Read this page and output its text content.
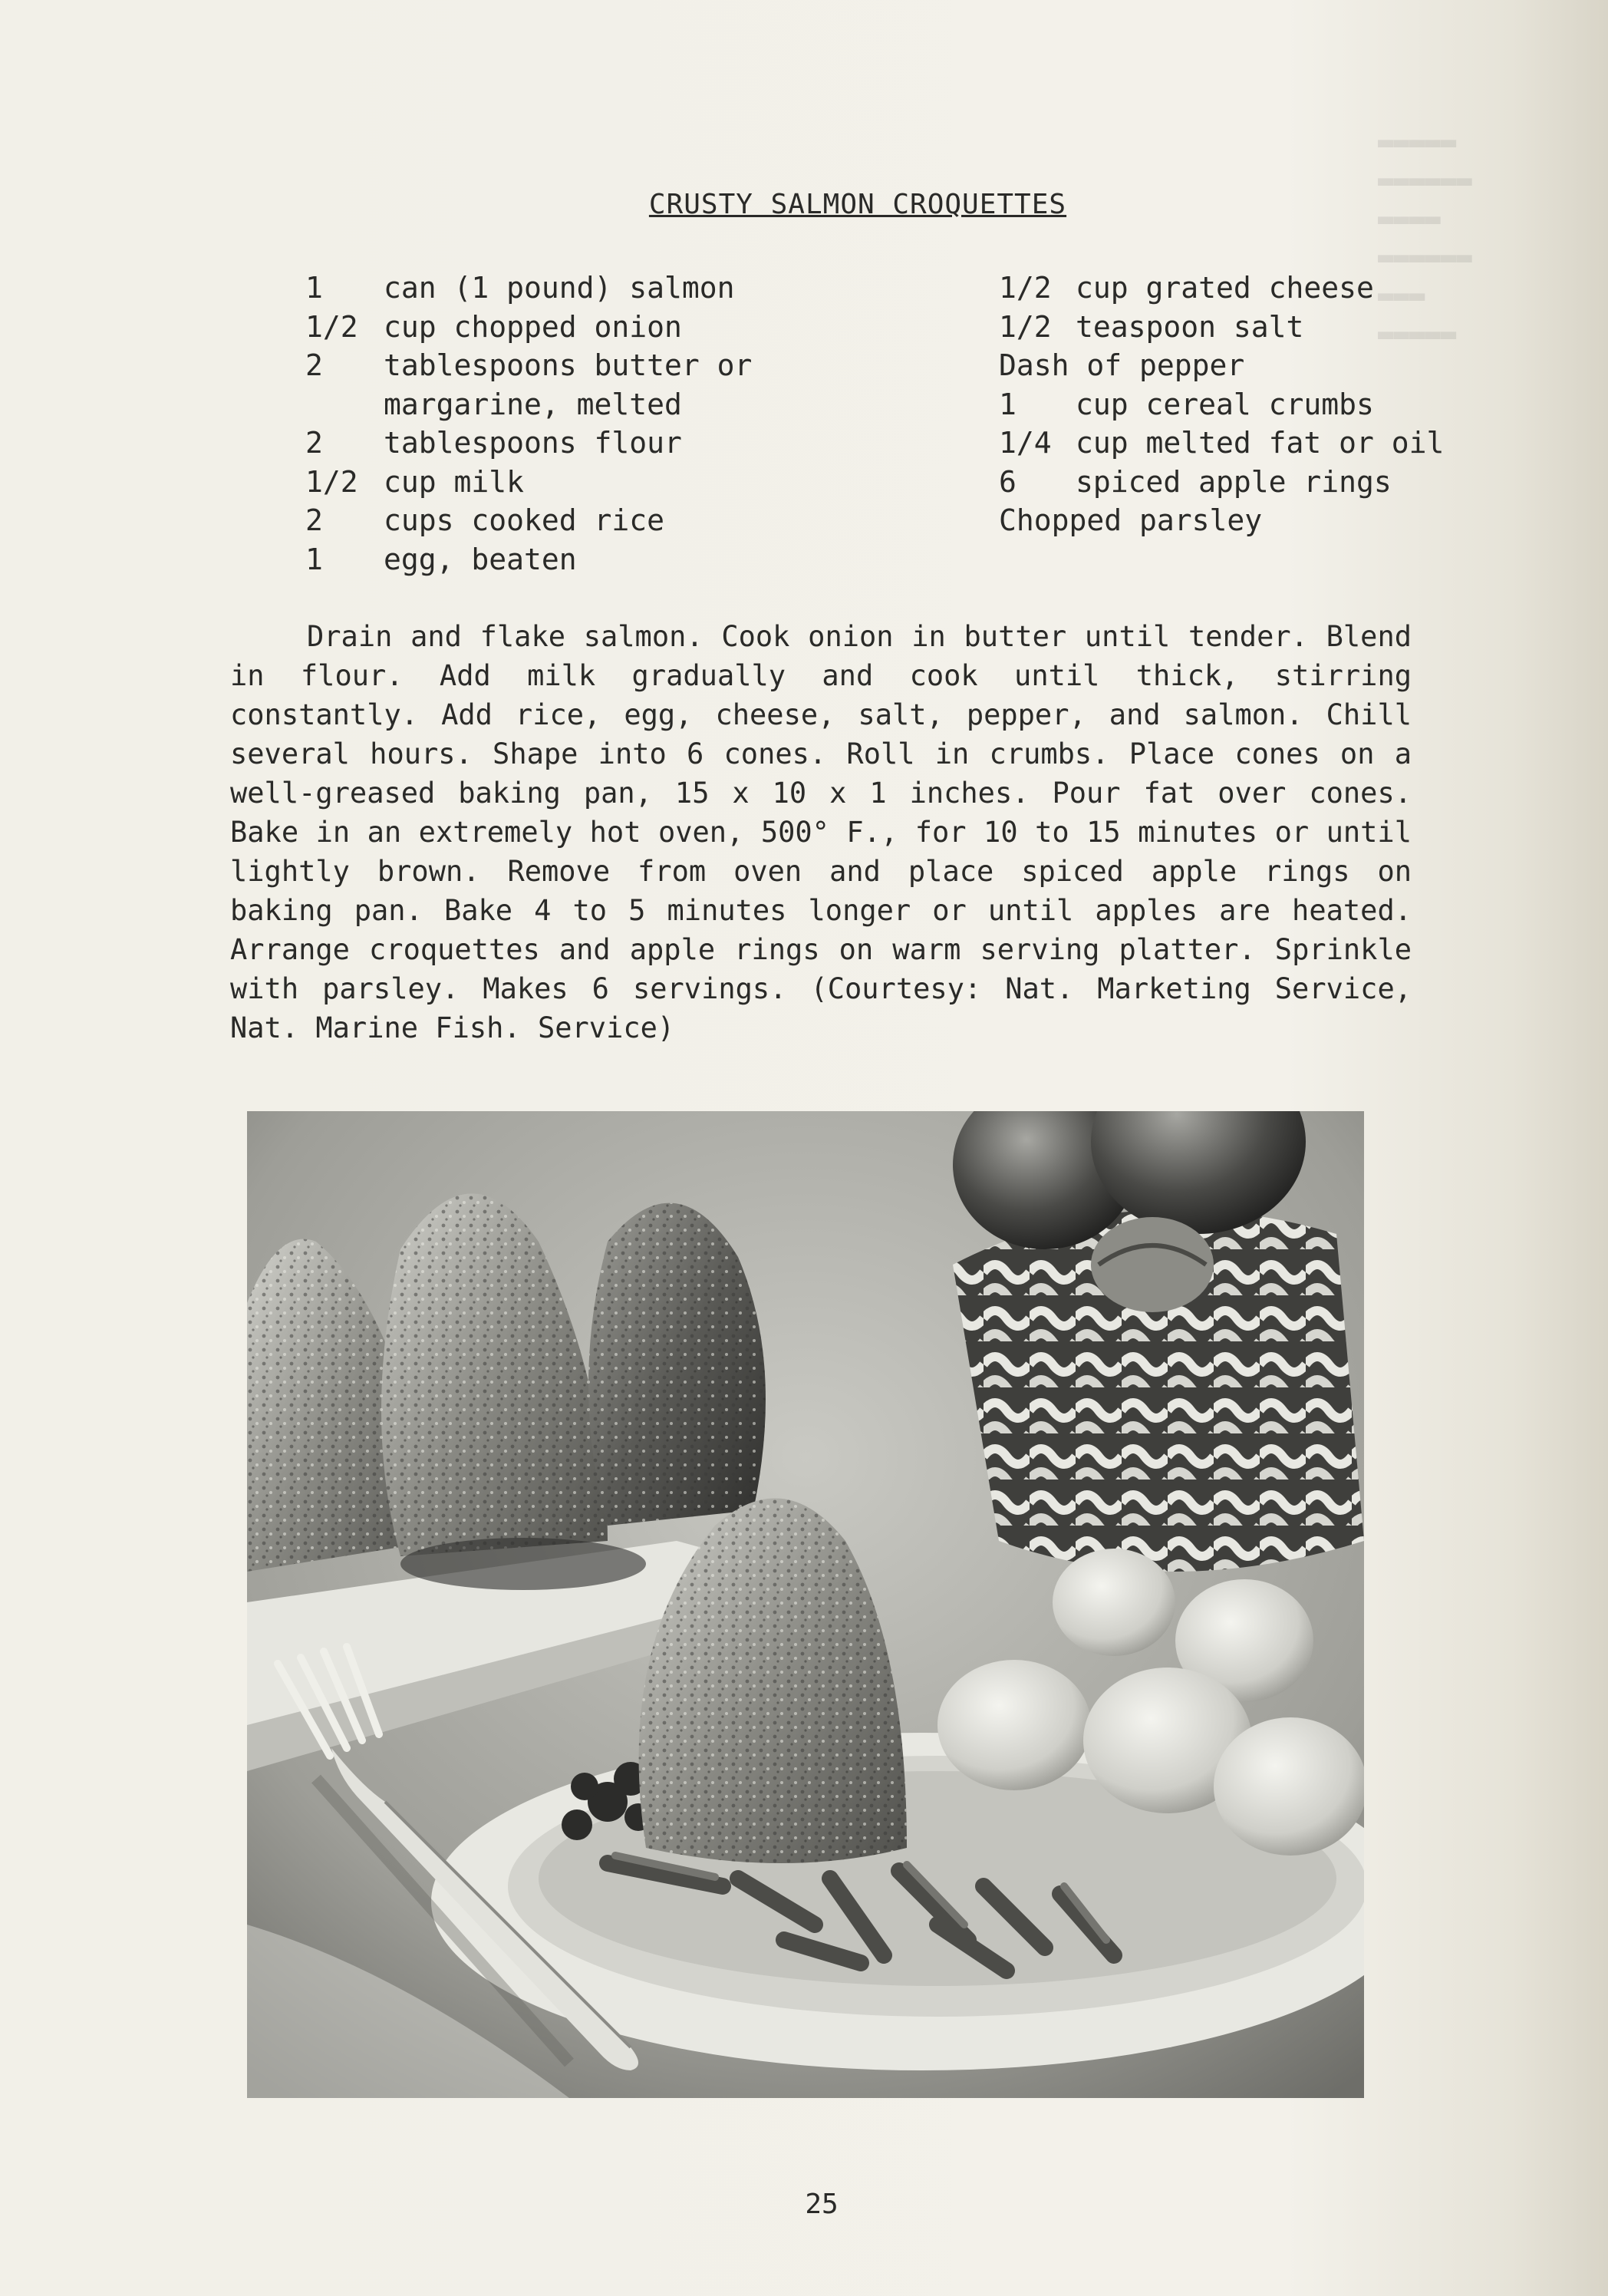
▬▬▬▬▬
▬▬▬▬▬▬
▬▬▬▬
▬▬▬▬▬▬
▬▬▬
▬▬▬▬▬
CRUSTY SALMON CROQUETTES
1	can (1 pound) salmon
1/2 cup chopped onion
2	tablespoons butter or
margarine, melted
2	tablespoons flour
1/2 cup milk
2	cups cooked rice
1	egg, beaten
1/2 cup grated cheese
1/2 teaspoon salt
Dash of pepper
1	cup cereal crumbs
1/4 cup melted fat or oil
6	spiced apple rings
Chopped parsley

Drain and flake salmon. Cook onion in butter until tender. Blend in flour. Add milk gradually and cook until thick, stirring constantly. Add rice, egg, cheese, salt, pepper, and salmon. Chill several hours. Shape into 6 cones. Roll in crumbs. Place cones on a well-greased baking pan, 15 x 10 x 1 inches. Pour fat over cones. Bake in an extremely hot oven, 500° F., for 10 to 15 minutes or until lightly brown. Remove from oven and place spiced apple rings on baking pan. Bake 4 to 5 minutes longer or until apples are heated. Arrange croquettes and apple rings on warm serving platter. Sprinkle with parsley. Makes 6 servings. (Courtesy: Nat. Marketing Service, Nat. Marine Fish. Service)

25
